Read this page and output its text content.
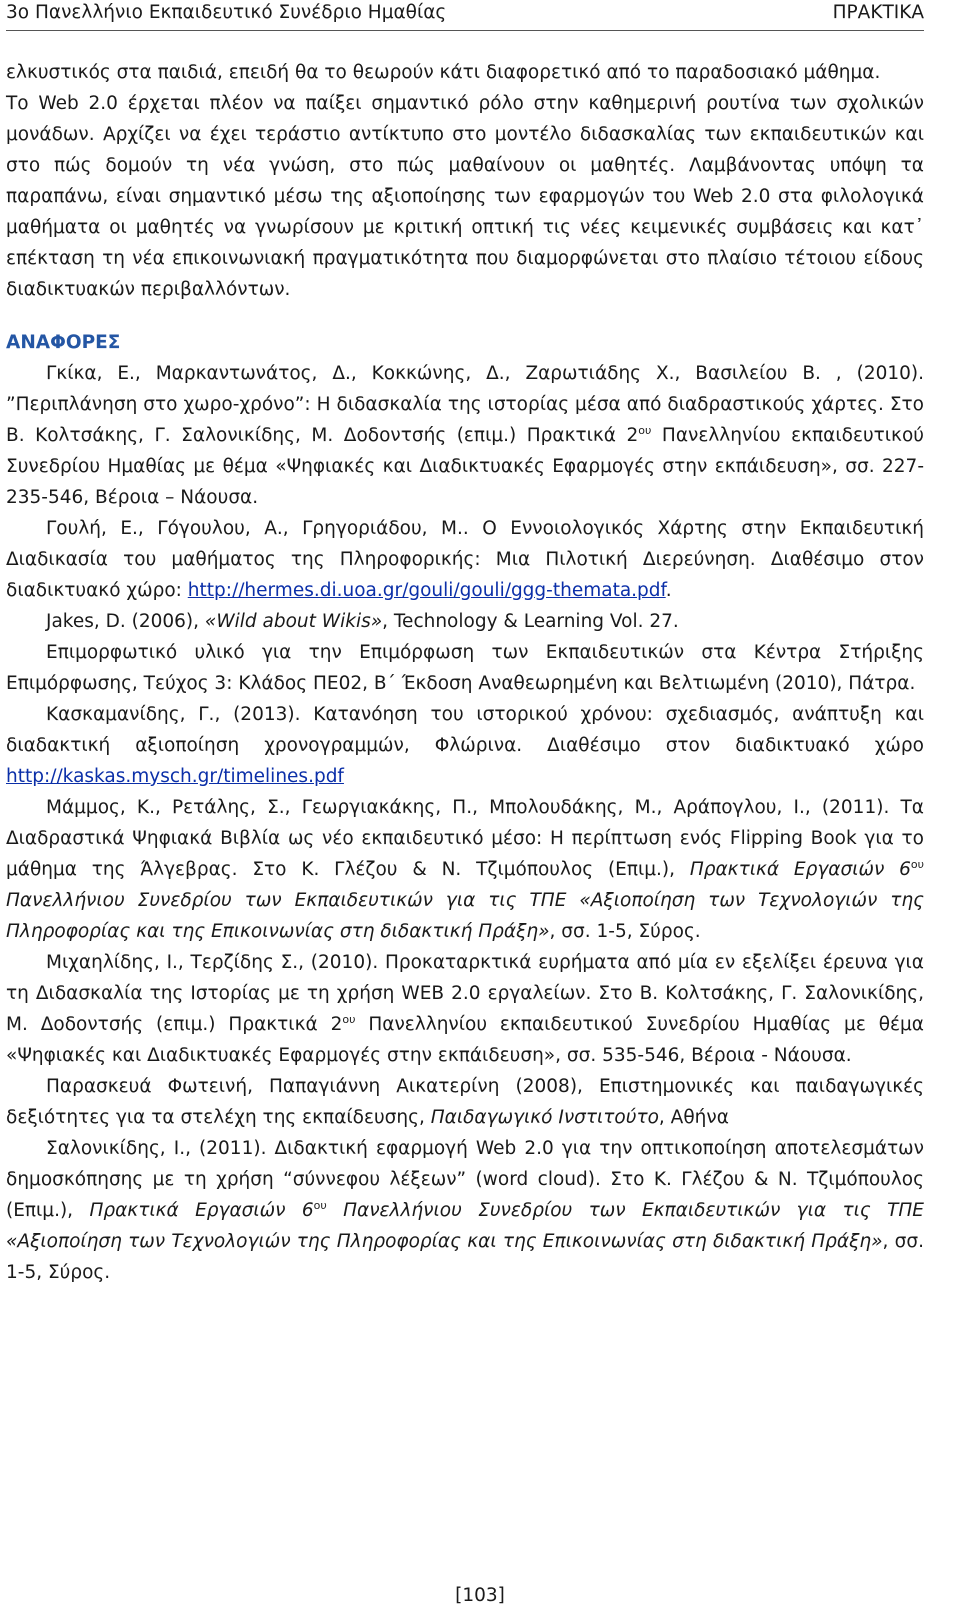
3ο Πανελλήνιο Εκπαιδευτικό Συνέδριο Ημαθίας	ΠΡΑΚΤΙΚΑ

ελκυστικός στα παιδιά, επειδή θα το θεωρούν κάτι διαφορετικό από το παραδοσιακό μάθημα.

Το Web 2.0 έρχεται πλέον να παίξει σημαντικό ρόλο στην καθημερινή ρουτίνα των σχολικών μονάδων. Αρχίζει να έχει τεράστιο αντίκτυπο στο μοντέλο διδασκαλίας των εκπαιδευτικών και στο πώς δομούν τη νέα γνώση, στο πώς μαθαίνουν οι μαθητές. Λαμβάνοντας υπόψη τα παραπάνω, είναι σημαντικό μέσω της αξιοποίησης των εφαρμογών του Web 2.0 στα φιλολογικά μαθήματα οι μαθητές να γνωρίσουν με κριτική οπτική τις νέες κειμενικές συμβάσεις και κατ᾽ επέκταση τη νέα επικοινωνιακή πραγματικότητα που διαμορφώνεται στο πλαίσιο τέτοιου είδους διαδικτυακών περιβαλλόντων.

ΑΝΑΦΟΡΕΣ

Γκίκα, Ε., Μαρκαντωνάτος, Δ., Κοκκώνης, Δ., Ζαρωτιάδης Χ., Βασιλείου Β. , (2010). ”Περιπλάνηση στο χωρο-χρόνο”: Η διδασκαλία της ιστορίας μέσα από διαδραστικούς χάρτες. Στο Β. Κολτσάκης, Γ. Σαλονικίδης, Μ. Δοδοντσής (επιμ.) Πρακτικά $2^{o\upsilon}$ Πανελληνίου εκπαιδευτικού Συνεδρίου Ημαθίας με θέμα «Ψηφιακές και Διαδικτυακές Εφαρμογές στην εκπάιδευση», σσ. 227-235-546, Βέροια – Νάουσα.

Γουλή, Ε., Γόγουλου, Α., Γρηγοριάδου, Μ.. Ο Εννοιολογικός Χάρτης στην Εκπαιδευτική Διαδικασία του μαθήματος της Πληροφορικής: Μια Πιλοτική Διερεύνηση. Διαθέσιμο στον διαδικτυακό χώρο: http://hermes.di.uoa.gr/gouli/gouli/ggg-themata.pdf.

Jakes, D. (2006), «Wild about Wikis», Technology & Learning Vol. 27.

Επιμορφωτικό υλικό για την Επιμόρφωση των Εκπαιδευτικών στα Κέντρα Στήριξης Επιμόρφωσης, Τεύχος 3: Κλάδος ΠΕ02, Β΄ Έκδοση Αναθεωρημένη και Βελτιωμένη (2010), Πάτρα.

Κασκαμανίδης, Γ., (2013). Κατανόηση του ιστορικού χρόνου: σχεδιασμός, ανάπτυξη και διαδακτική αξιοποίηση χρονογραμμών, Φλώρινα. Διαθέσιμο στον διαδικτυακό χώρο http://kaskas.mysch.gr/timelines.pdf

Μάμμος, Κ., Ρετάλης, Σ., Γεωργιακάκης, Π., Μπολουδάκης, Μ., Αράπογλου, Ι., (2011). Τα Διαδραστικά Ψηφιακά Βιβλία ως νέο εκπαιδευτικό μέσο: Η περίπτωση ενός Flipping Book για το μάθημα της Άλγεβρας. Στο Κ. Γλέζου & Ν. Τζιμόπουλος (Επιμ.), Πρακτικά Εργασιών $6^{o\upsilon}$ Πανελλήνιου Συνεδρίου των Εκπαιδευτικών για τις ΤΠΕ «Αξιοποίηση των Τεχνολογιών της Πληροφορίας και της Επικοινωνίας στη διδακτική Πράξη», σσ. 1-5, Σύρος.

Μιχαηλίδης, Ι., Τερζίδης Σ., (2010). Προκαταρκτικά ευρήματα από μία εν εξελίξει έρευνα για τη Διδασκαλία της Ιστορίας με τη χρήση WEB 2.0 εργαλείων. Στο Β. Κολτσάκης, Γ. Σαλονικίδης, Μ. Δοδοντσής (επιμ.) Πρακτικά $2^{o\upsilon}$ Πανελληνίου εκπαιδευτικού Συνεδρίου Ημαθίας με θέμα «Ψηφιακές και Διαδικτυακές Εφαρμογές στην εκπάιδευση», σσ. 535-546, Βέροια - Νάουσα.

Παρασκευά Φωτεινή, Παπαγιάννη Αικατερίνη (2008), Επιστημονικές και παιδαγωγικές δεξιότητες για τα στελέχη της εκπαίδευσης, Παιδαγωγικό Ινστιτούτο, Αθήνα

Σαλονικίδης, Ι., (2011). Διδακτική εφαρμογή Web 2.0 για την οπτικοποίηση αποτελεσμάτων δημοσκόπησης με τη χρήση “σύννεφου λέξεων” (word cloud). Στο Κ. Γλέζου & Ν. Τζιμόπουλος (Επιμ.), Πρακτικά Εργασιών $6^{o\upsilon}$ Πανελλήνιου Συνεδρίου των Εκπαιδευτικών για τις ΤΠΕ «Αξιοποίηση των Τεχνολογιών της Πληροφορίας και της Επικοινωνίας στη διδακτική Πράξη», σσ. 1-5, Σύρος.

[103]
